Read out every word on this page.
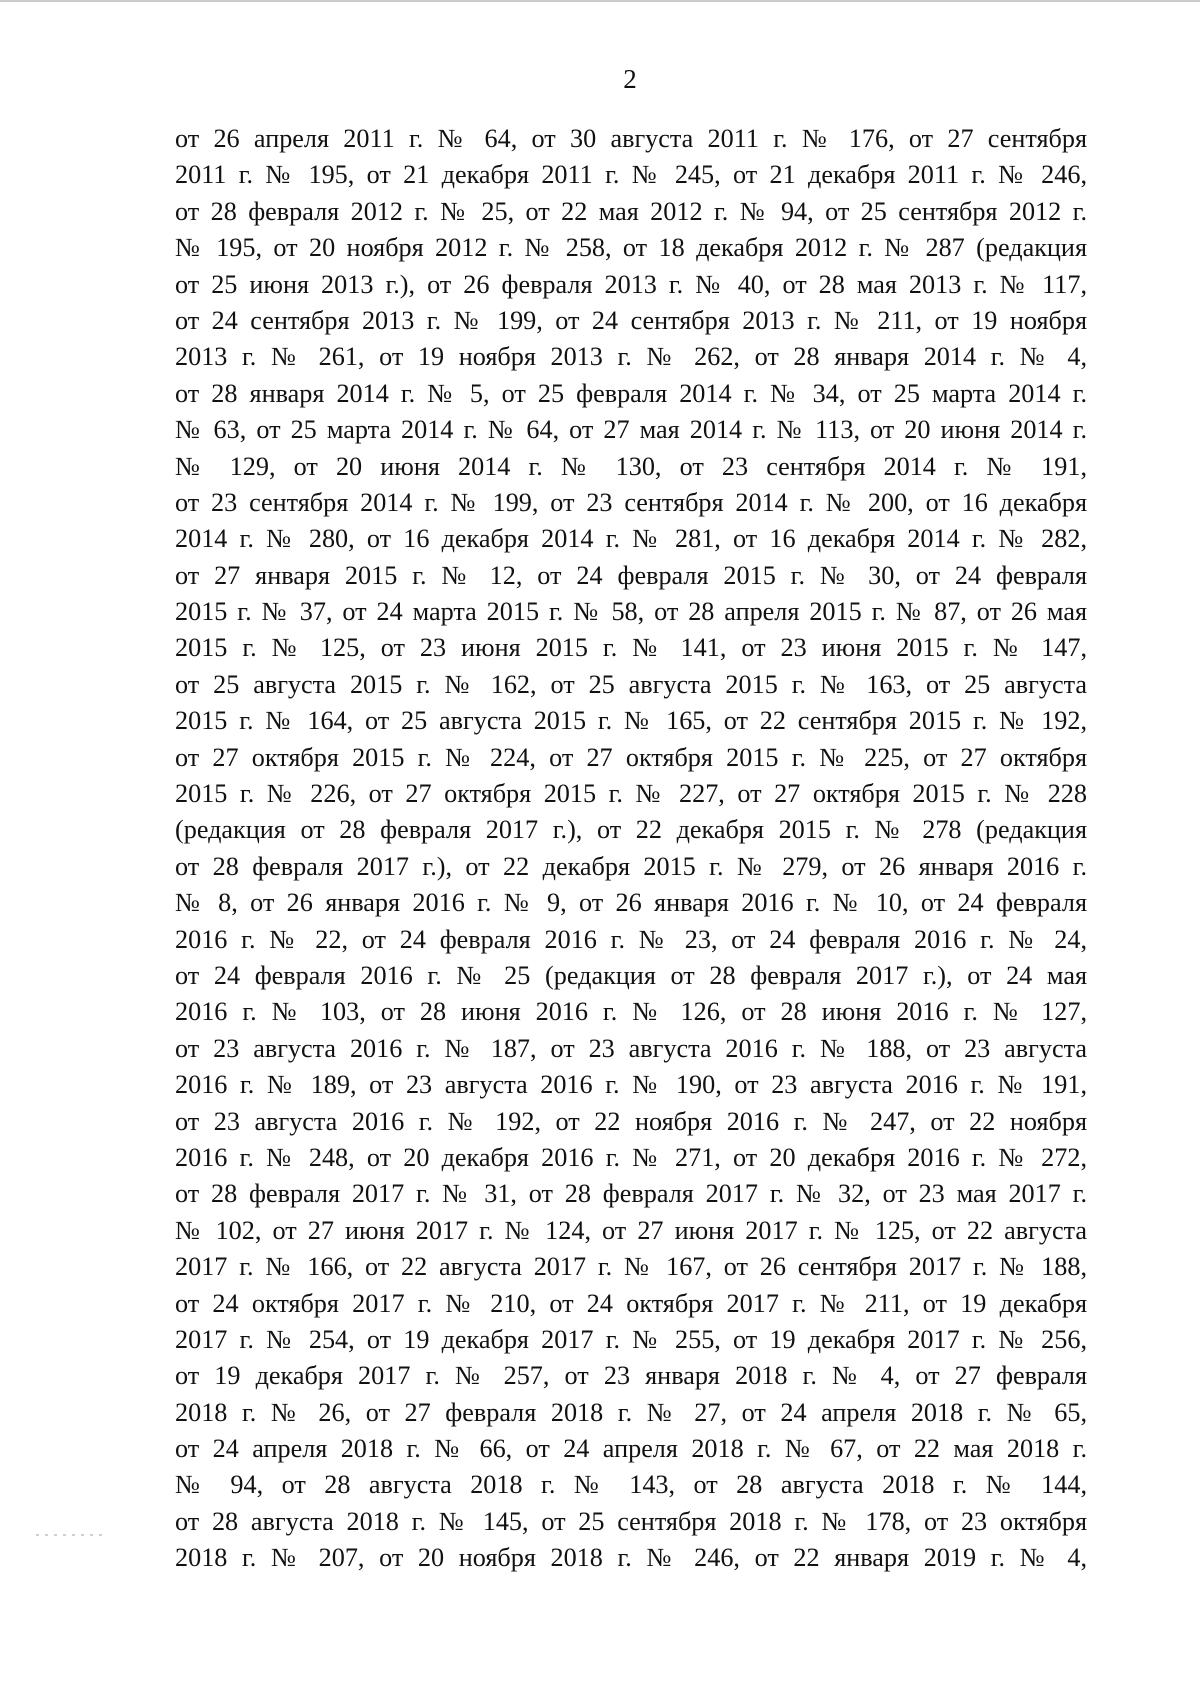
2
от 26 апреля 2011 г. № 64, от 30 августа 2011 г. № 176, от 27 сентября
2011 г. № 195, от 21 декабря 2011 г. № 245, от 21 декабря 2011 г. № 246,
от 28 февраля 2012 г. № 25, от 22 мая 2012 г. № 94, от 25 сентября 2012 г.
№ 195, от 20 ноября 2012 г. № 258, от 18 декабря 2012 г. № 287 (редакция
от 25 июня 2013 г.), от 26 февраля 2013 г. № 40, от 28 мая 2013 г. № 117,
от 24 сентября 2013 г. № 199, от 24 сентября 2013 г. № 211, от 19 ноября
2013 г. № 261, от 19 ноября 2013 г. № 262, от 28 января 2014 г. № 4,
от 28 января 2014 г. № 5, от 25 февраля 2014 г. № 34, от 25 марта 2014 г.
№ 63, от 25 марта 2014 г. № 64, от 27 мая 2014 г. № 113, от 20 июня 2014 г.
№ 129, от 20 июня 2014 г. № 130, от 23 сентября 2014 г. № 191,
от 23 сентября 2014 г. № 199, от 23 сентября 2014 г. № 200, от 16 декабря
2014 г. № 280, от 16 декабря 2014 г. № 281, от 16 декабря 2014 г. № 282,
от 27 января 2015 г. № 12, от 24 февраля 2015 г. № 30, от 24 февраля
2015 г. № 37, от 24 марта 2015 г. № 58, от 28 апреля 2015 г. № 87, от 26 мая
2015 г. № 125, от 23 июня 2015 г. № 141, от 23 июня 2015 г. № 147,
от 25 августа 2015 г. № 162, от 25 августа 2015 г. № 163, от 25 августа
2015 г. № 164, от 25 августа 2015 г. № 165, от 22 сентября 2015 г. № 192,
от 27 октября 2015 г. № 224, от 27 октября 2015 г. № 225, от 27 октября
2015 г. № 226, от 27 октября 2015 г. № 227, от 27 октября 2015 г. № 228
(редакция от 28 февраля 2017 г.), от 22 декабря 2015 г. № 278 (редакция
от 28 февраля 2017 г.), от 22 декабря 2015 г. № 279, от 26 января 2016 г.
№ 8, от 26 января 2016 г. № 9, от 26 января 2016 г. № 10, от 24 февраля
2016 г. № 22, от 24 февраля 2016 г. № 23, от 24 февраля 2016 г. № 24,
от 24 февраля 2016 г. № 25 (редакция от 28 февраля 2017 г.), от 24 мая
2016 г. № 103, от 28 июня 2016 г. № 126, от 28 июня 2016 г. № 127,
от 23 августа 2016 г. № 187, от 23 августа 2016 г. № 188, от 23 августа
2016 г. № 189, от 23 августа 2016 г. № 190, от 23 августа 2016 г. № 191,
от 23 августа 2016 г. № 192, от 22 ноября 2016 г. № 247, от 22 ноября
2016 г. № 248, от 20 декабря 2016 г. № 271, от 20 декабря 2016 г. № 272,
от 28 февраля 2017 г. № 31, от 28 февраля 2017 г. № 32, от 23 мая 2017 г.
№ 102, от 27 июня 2017 г. № 124, от 27 июня 2017 г. № 125, от 22 августа
2017 г. № 166, от 22 августа 2017 г. № 167, от 26 сентября 2017 г. № 188,
от 24 октября 2017 г. № 210, от 24 октября 2017 г. № 211, от 19 декабря
2017 г. № 254, от 19 декабря 2017 г. № 255, от 19 декабря 2017 г. № 256,
от 19 декабря 2017 г. № 257, от 23 января 2018 г. № 4, от 27 февраля
2018 г. № 26, от 27 февраля 2018 г. № 27, от 24 апреля 2018 г. № 65,
от 24 апреля 2018 г. № 66, от 24 апреля 2018 г. № 67, от 22 мая 2018 г.
№ 94, от 28 августа 2018 г. № 143, от 28 августа 2018 г. № 144,
от 28 августа 2018 г. № 145, от 25 сентября 2018 г. № 178, от 23 октября
2018 г. № 207, от 20 ноября 2018 г. № 246, от 22 января 2019 г. № 4,
